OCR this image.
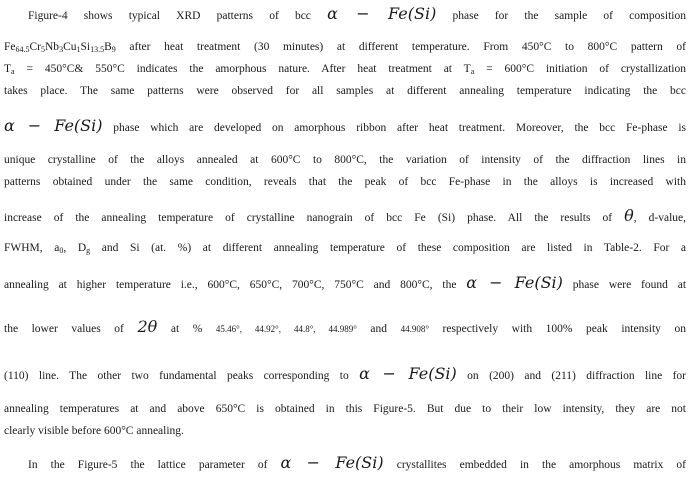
Figure-4 shows typical XRD patterns of bcc α − Fe(Si) phase for the sample of composition
$Fe_{64.5}Cr_5Nb_3Cu_1Si_{13.5}B_9$ after heat treatment (30 minutes) at different temperature. From 450°C to 800°C pattern of
$T_a$ = 450°C& 550°C indicates the amorphous nature. After heat treatment at $T_a = 600^\circ C$ initiation of crystallization
takes place. The same patterns were observed for all samples at different annealing temperature indicating the bcc
α − Fe(Si) phase which are developed on amorphous ribbon after heat treatment. Moreover, the bcc Fe-phase is
unique crystalline of the alloys annealed at 600°C to 800°C, the variation of intensity of the diffraction lines in
patterns obtained under the same condition, reveals that the peak of bcc Fe-phase in the alloys is increased with
increase of the annealing temperature of crystalline nanograin of bcc Fe (Si) phase. All the results of θ, d-value,
FWHM, $a_0$, $D_g$ and Si (at. %) at different annealing temperature of these composition are listed in Table-2. For a
annealing at higher temperature i.e., 600°C, 650°C, 700°C, 750°C and 800°C, the α − Fe(Si) phase were found at
the lower values of 2θ at % 45.46°, 44.92°, 44.8°, 44.989° and 44.908° respectively with 100% peak intensity on
(110) line. The other two fundamental peaks corresponding to α − Fe(Si) on (200) and (211) diffraction line for
annealing temperatures at and above 650°C is obtained in this Figure-5. But due to their low intensity, they are not
clearly visible before 600°C annealing.
In the Figure-5 the lattice parameter of α − Fe(Si) crystallites embedded in the amorphous matrix of
